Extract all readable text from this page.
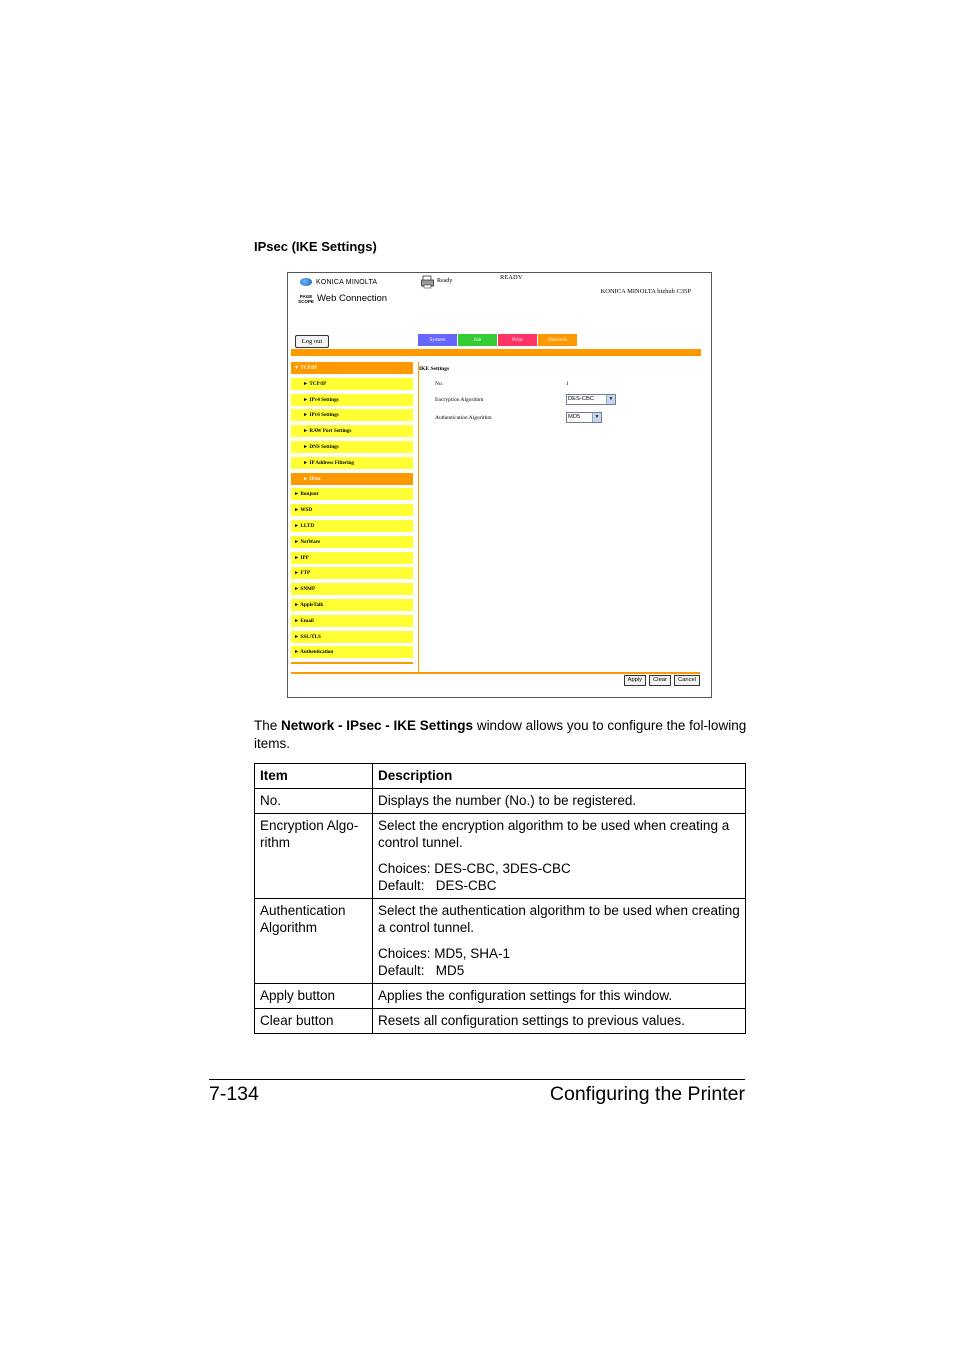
IPsec (IKE Settings)
KONICA MINOLTA
PAGE
SCOPE Web Connection
Ready	READY
KONICA MINOLTA bizhub C35P
Log out	System	Job	Print	Network
▼ TCP/IP
► TCP/IP
► IPv4 Settings
► IPv6 Settings
► RAW Port Settings
► DNS Settings
► IP Address Filtering
► IPsec
► Bonjour
► WSD
► LLTD
► NetWare
► IPP
► FTP
► SNMP
► AppleTalk
► Email
► SSL/TLS
► Authentication
IKE Settings
No.	1
Encryption Algorithm	DES-CBC	▼
Authentication Algorithm	MD5	▼
Apply	Clear	Cancel
The Network - IPsec - IKE Settings window allows you to configure the fol-lowing items.
Item	Description
No.	Displays the number (No.) to be registered.
Encryption Algo-rithm	Select the encryption algorithm to be used when creating a control tunnel.

Choices: DES-CBC, 3DES-CBC

Default:   DES-CBC

Authentication Algorithm	Select the authentication algorithm to be used when creating a control tunnel.

Choices: MD5, SHA-1

Default:   MD5

Apply button	Applies the configuration settings for this window.
Clear button	Resets all configuration settings to previous values.
7-134	Configuring the Printer
